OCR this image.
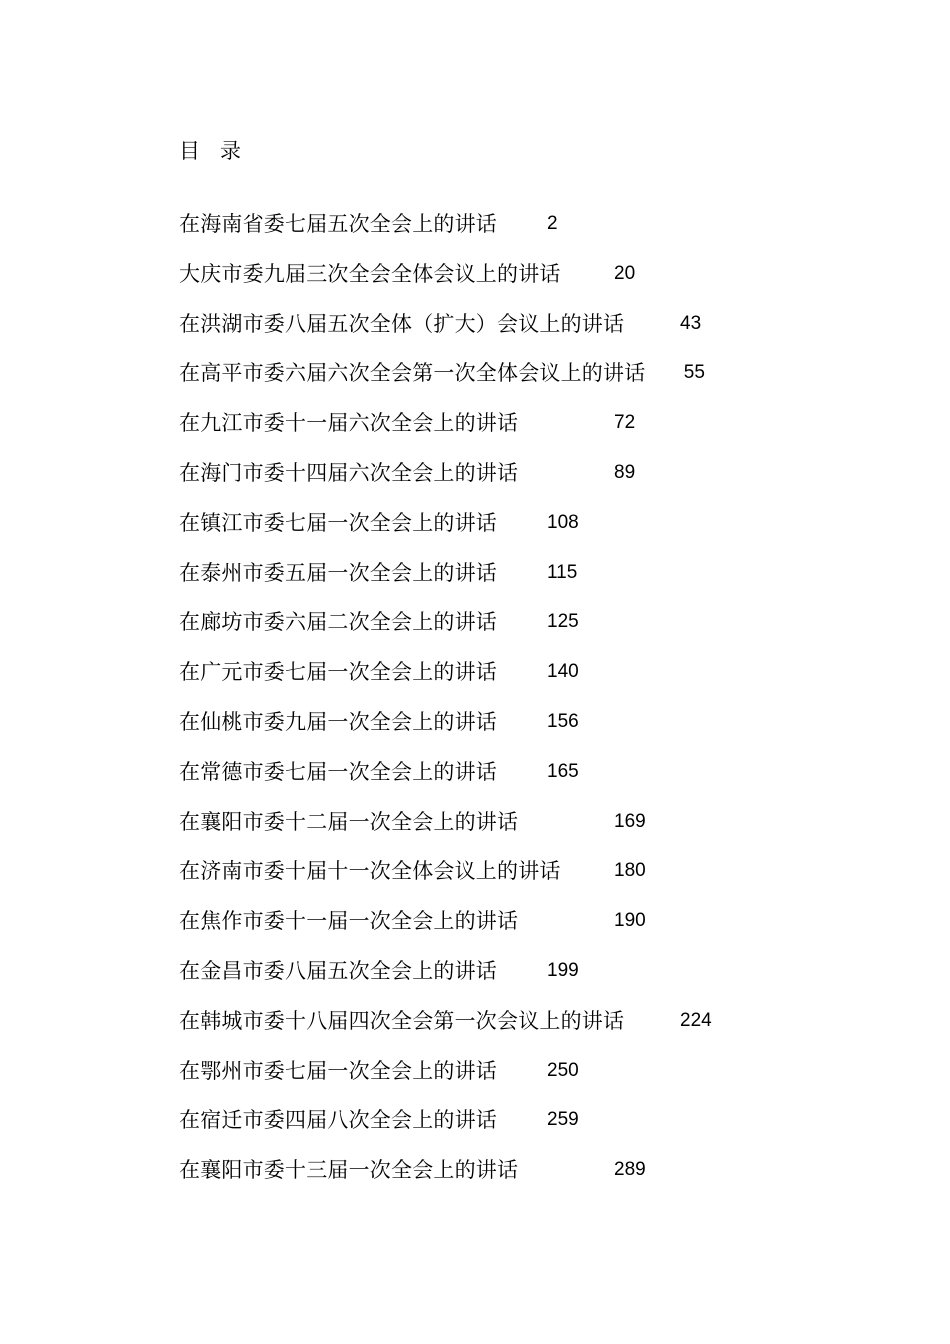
目录
在海南省委七届五次全会上的讲话	2
大庆市委九届三次全会全体会议上的讲话	20
在洪湖市委八届五次全体（扩大）会议上的讲话	43
在高平市委六届六次全会第一次全体会议上的讲话 55
在九江市委十一届六次全会上的讲话	72
在海门市委十四届六次全会上的讲话	89
在镇江市委七届一次全会上的讲话	108
在泰州市委五届一次全会上的讲话	115
在廊坊市委六届二次全会上的讲话	125
在广元市委七届一次全会上的讲话	140
在仙桃市委九届一次全会上的讲话	156
在常德市委七届一次全会上的讲话	165
在襄阳市委十二届一次全会上的讲话	169
在济南市委十届十一次全体会议上的讲话	180
在焦作市委十一届一次全会上的讲话	190
在金昌市委八届五次全会上的讲话	199
在韩城市委十八届四次全会第一次会议上的讲话	224
在鄂州市委七届一次全会上的讲话	250
在宿迁市委四届八次全会上的讲话	259
在襄阳市委十三届一次全会上的讲话	289
